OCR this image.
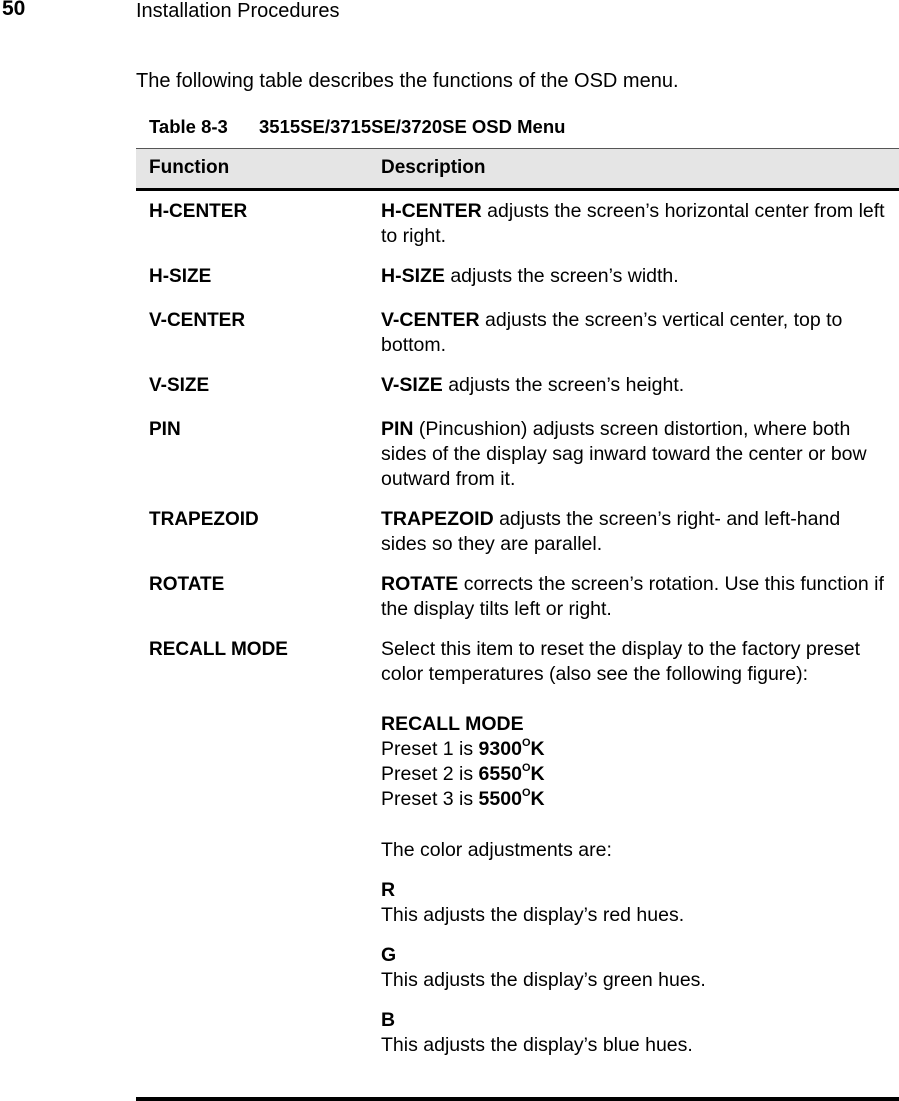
50	Installation Procedures
The following table describes the functions of the OSD menu.
Table 8-3 3515SE/3715SE/3720SE OSD Menu
Function	Description
H-CENTER	H-CENTER adjusts the screen’s horizontal center from left to right.
H-SIZE	H-SIZE adjusts the screen’s width.
V-CENTER	V-CENTER adjusts the screen’s vertical center, top to bottom.
V-SIZE	V-SIZE adjusts the screen’s height.
PIN	PIN (Pincushion) adjusts screen distortion, where both sides of the display sag inward toward the center or bow outward from it.
TRAPEZOID	TRAPEZOID adjusts the screen’s right- and left-hand sides so they are parallel.
ROTATE	ROTATE corrects the screen’s rotation. Use this function if the display tilts left or right.
RECALL MODE	Select this item to reset the display to the factory preset color temperatures (also see the following figure):
RECALL MODE
Preset 1 is $9300^OK$
Preset 2 is $6550^OK$
Preset 3 is $5500^OK$
The color adjustments are:
R
This adjusts the display’s red hues.
G
This adjusts the display’s green hues.
B
This adjusts the display’s blue hues.
